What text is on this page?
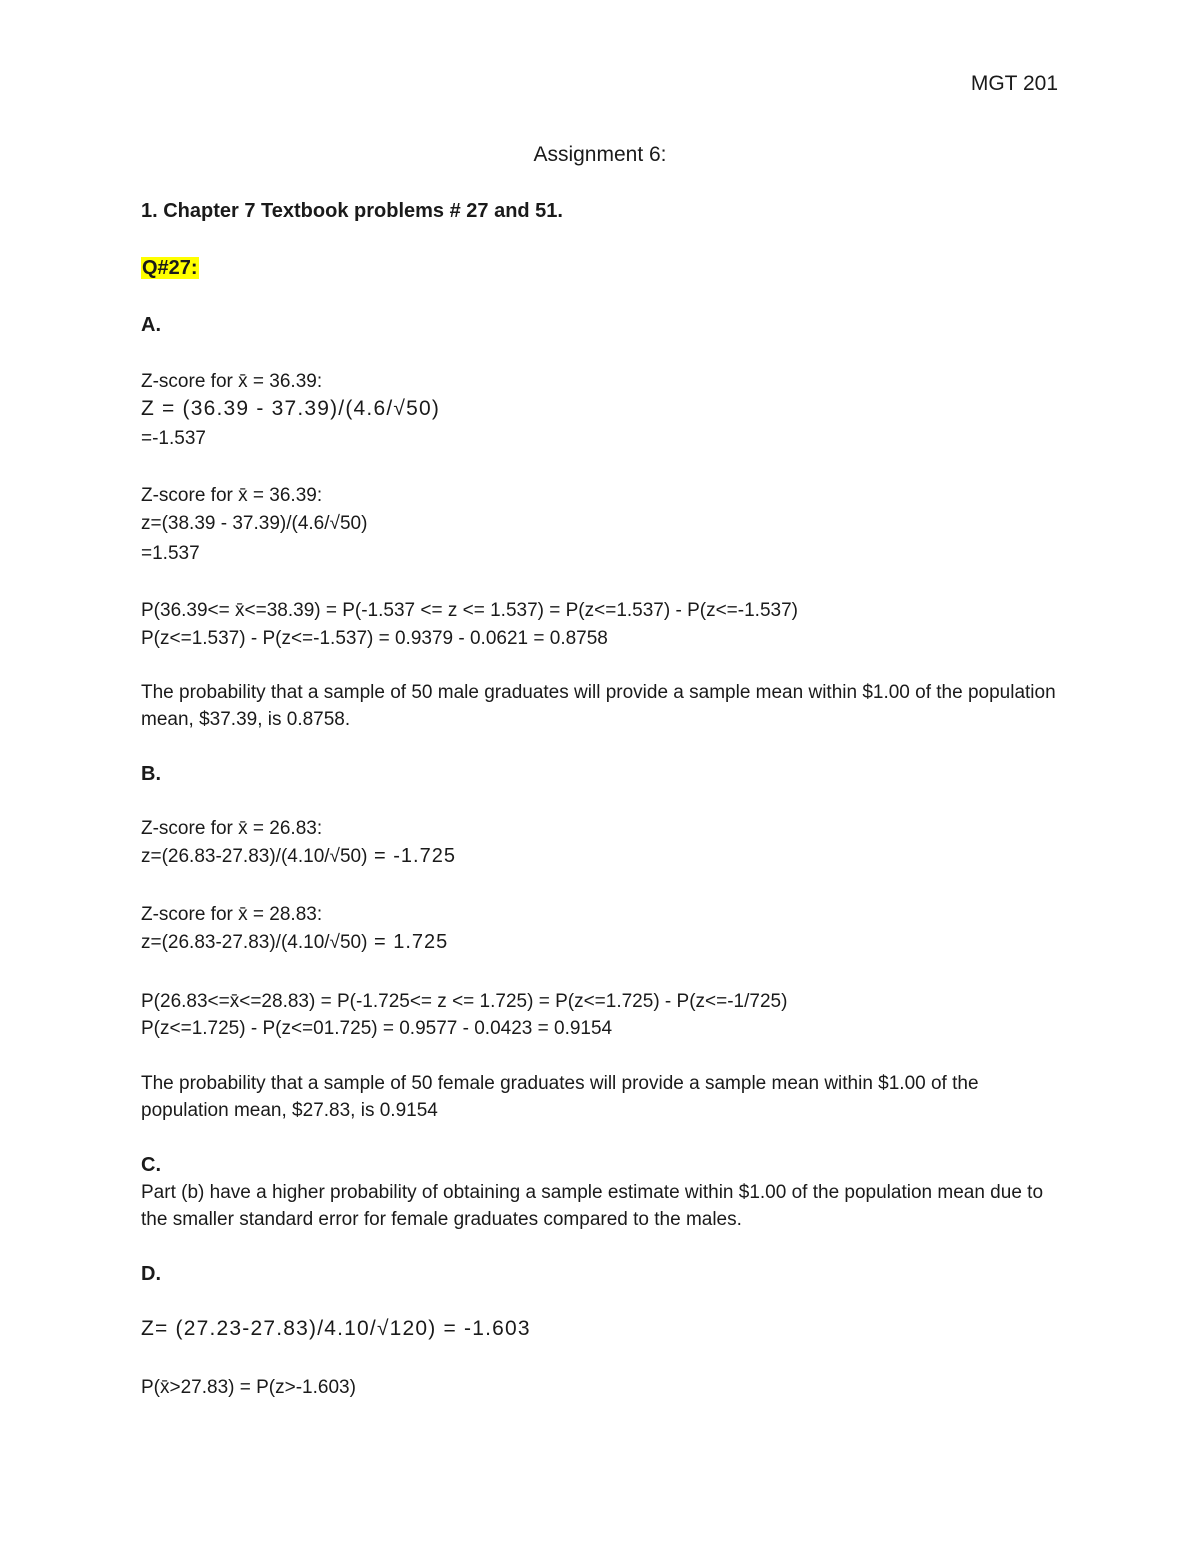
MGT 201
Assignment 6:
1. Chapter 7 Textbook problems # 27 and 51.
Q#27:
A.
Z-score for x̄ = 36.39:
Z = (36.39 - 37.39)/(4.6/√50)
=-1.537
Z-score for x̄ = 36.39:
z=(38.39 - 37.39)/(4.6/√50)
=1.537
P(36.39<= x̄<=38.39) = P(-1.537 <= z <= 1.537) = P(z<=1.537) - P(z<=-1.537)
P(z<=1.537) - P(z<=-1.537) = 0.9379 - 0.0621 = 0.8758
The probability that a sample of 50 male graduates will provide a sample mean within $1.00 of the population mean, $37.39, is 0.8758.
B.
Z-score for x̄ = 26.83:
z=(26.83-27.83)/(4.10/√50) = -1.725
Z-score for x̄ = 28.83:
z=(26.83-27.83)/(4.10/√50) = 1.725
P(26.83<=x̄<=28.83) = P(-1.725<= z <= 1.725) = P(z<=1.725) - P(z<=-1/725)
P(z<=1.725) - P(z<=01.725) = 0.9577 - 0.0423 = 0.9154
The probability that a sample of 50 female graduates will provide a sample mean within $1.00 of the population mean, $27.83, is 0.9154
C.
Part (b) have a higher probability of obtaining a sample estimate within $1.00 of the population mean due to the smaller standard error for female graduates compared to the males.
D.
Z= (27.23-27.83)/4.10/√120) = -1.603
P(x̄>27.83) = P(z>-1.603)
